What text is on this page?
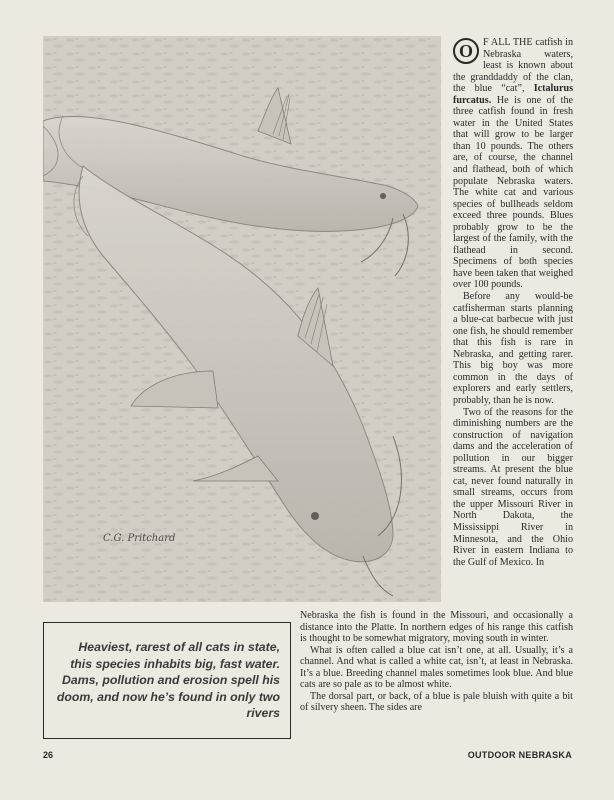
C.G. Pritchard

O F ALL THE catfish in Nebraska waters, least is known about the granddaddy of the clan, the blue “cat”, Ictalurus furcatus. He is one of the three catfish found in fresh water in the United States that will grow to be larger than 10 pounds. The others are, of course, the channel and flathead, both of which populate Nebraska waters. The white cat and various species of bullheads seldom exceed three pounds. Blues probably grow to be the largest of the family, with the flathead in second. Specimens of both species have been taken that weighed over 100 pounds.

Before any would-be catfisherman starts planning a blue-cat barbecue with just one fish, he should remember that this fish is rare in Nebraska, and getting rarer. This big boy was more common in the days of explorers and early settlers, probably, than he is now.

Two of the reasons for the diminishing numbers are the construction of navigation dams and the acceleration of pollution in our bigger streams. At present the blue cat, never found naturally in small streams, occurs from the upper Missouri River in North Dakota, the Mississippi River in Minnesota, and the Ohio River in eastern Indiana to the Gulf of Mexico. In

Nebraska the fish is found in the Missouri, and occasionally a distance into the Platte. In northern edges of his range this catfish is thought to be somewhat migratory, moving south in winter.

What is often called a blue cat isn’t one, at all. Usually, it’s a channel. And what is called a white cat, isn’t, at least in Nebraska. It’s a blue. Breeding channel males sometimes look blue. And blue cats are so pale as to be almost white.

The dorsal part, or back, of a blue is pale bluish with quite a bit of silvery sheen. The sides are

Heaviest, rarest of all cats in state, this species inhabits big, fast water. Dams, pollution and erosion spell his doom, and now he’s found in only two rivers

26	OUTDOOR NEBRASKA
